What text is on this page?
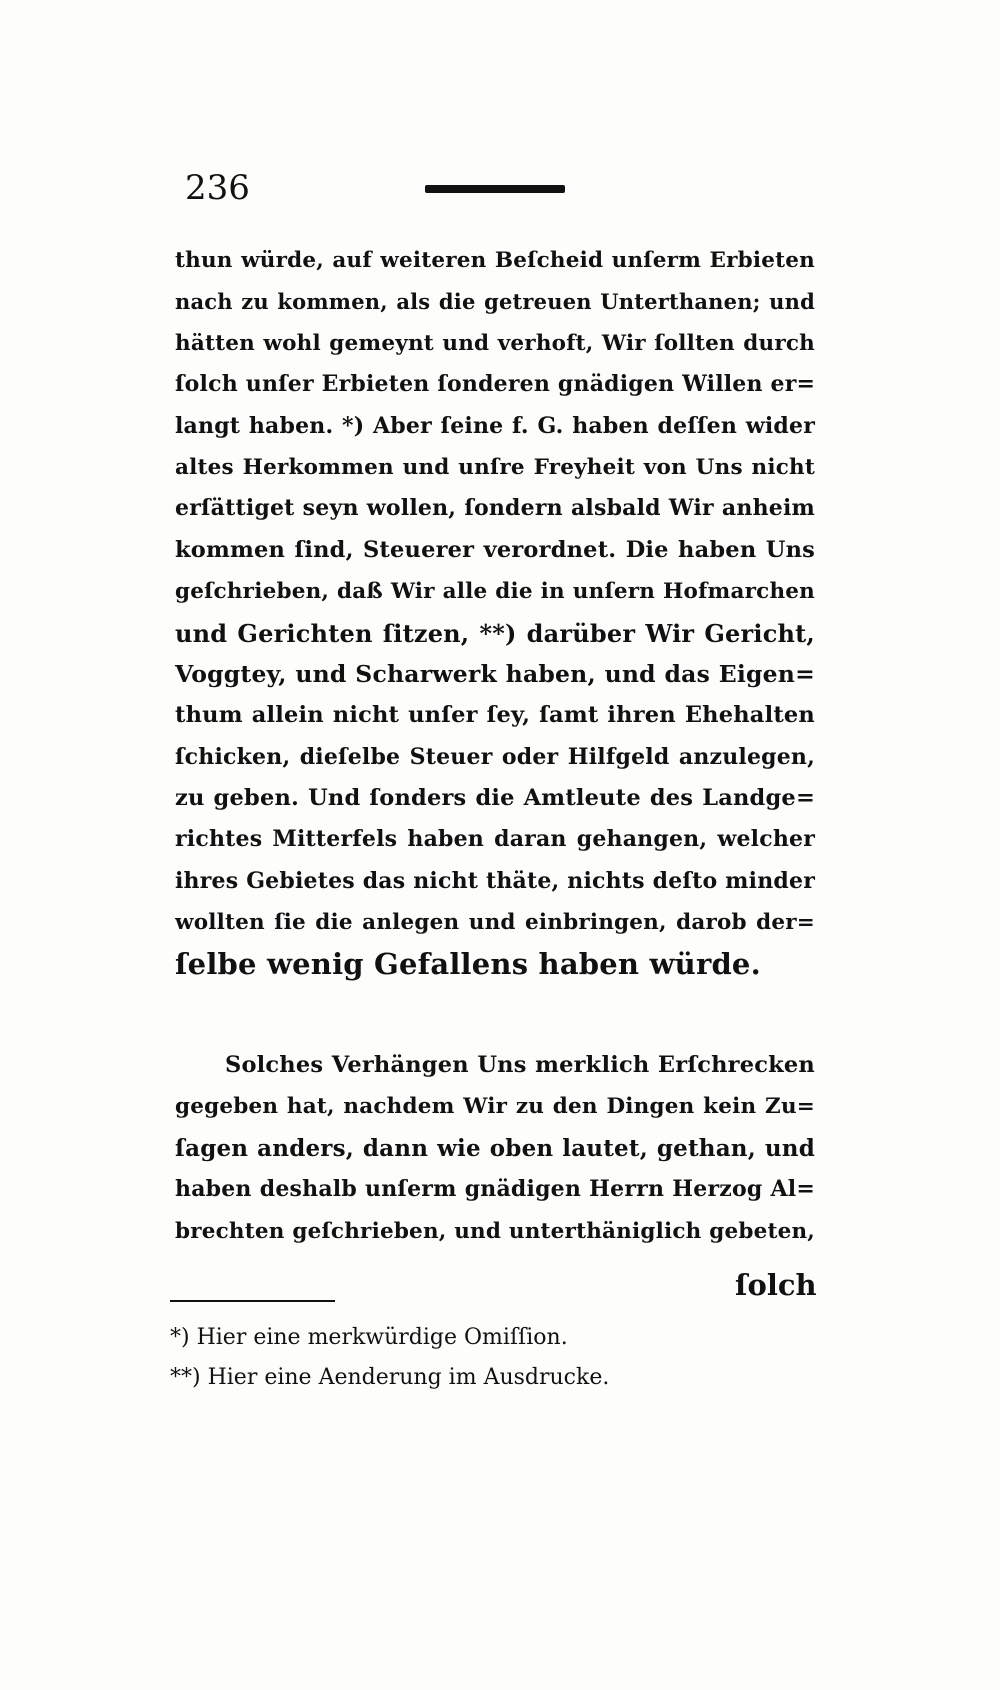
236
thun würde, auf weiteren Beſcheid unſerm Erbieten
nach zu kommen, als die getreuen Unterthanen; und
hätten wohl gemeynt und verhoft, Wir ſollten durch
ſolch unſer Erbieten ſonderen gnädigen Willen er=
langt haben. *) Aber ſeine f. G. haben deſſen wider
altes Herkommen und unſre Freyheit von Uns nicht
erſättiget seyn wollen, ſondern alsbald Wir anheim
kommen ſind, Steuerer verordnet. Die haben Uns
geſchrieben, daß Wir alle die in unſern Hofmarchen
und Gerichten ſitzen, **) darüber Wir Gericht,
Voggtey, und Scharwerk haben, und das Eigen=
thum allein nicht unſer ſey, ſamt ihren Ehehalten
ſchicken, dieſelbe Steuer oder Hilfgeld anzulegen,
zu geben. Und ſonders die Amtleute des Landge=
richtes Mitterfels haben daran gehangen, welcher
ihres Gebietes das nicht thäte, nichts deſto minder
wollten ſie die anlegen und einbringen, darob der=
ſelbe wenig Gefallens haben würde.
Solches Verhängen Uns merklich Erſchrecken
gegeben hat, nachdem Wir zu den Dingen kein Zu=
ſagen anders, dann wie oben lautet, gethan, und
haben deshalb unſerm gnädigen Herrn Herzog Al=
brechten geſchrieben, und unterthäniglich gebeten,
ſolch
*) Hier eine merkwürdige Omiſſion.
**) Hier eine Aenderung im Ausdrucke.
